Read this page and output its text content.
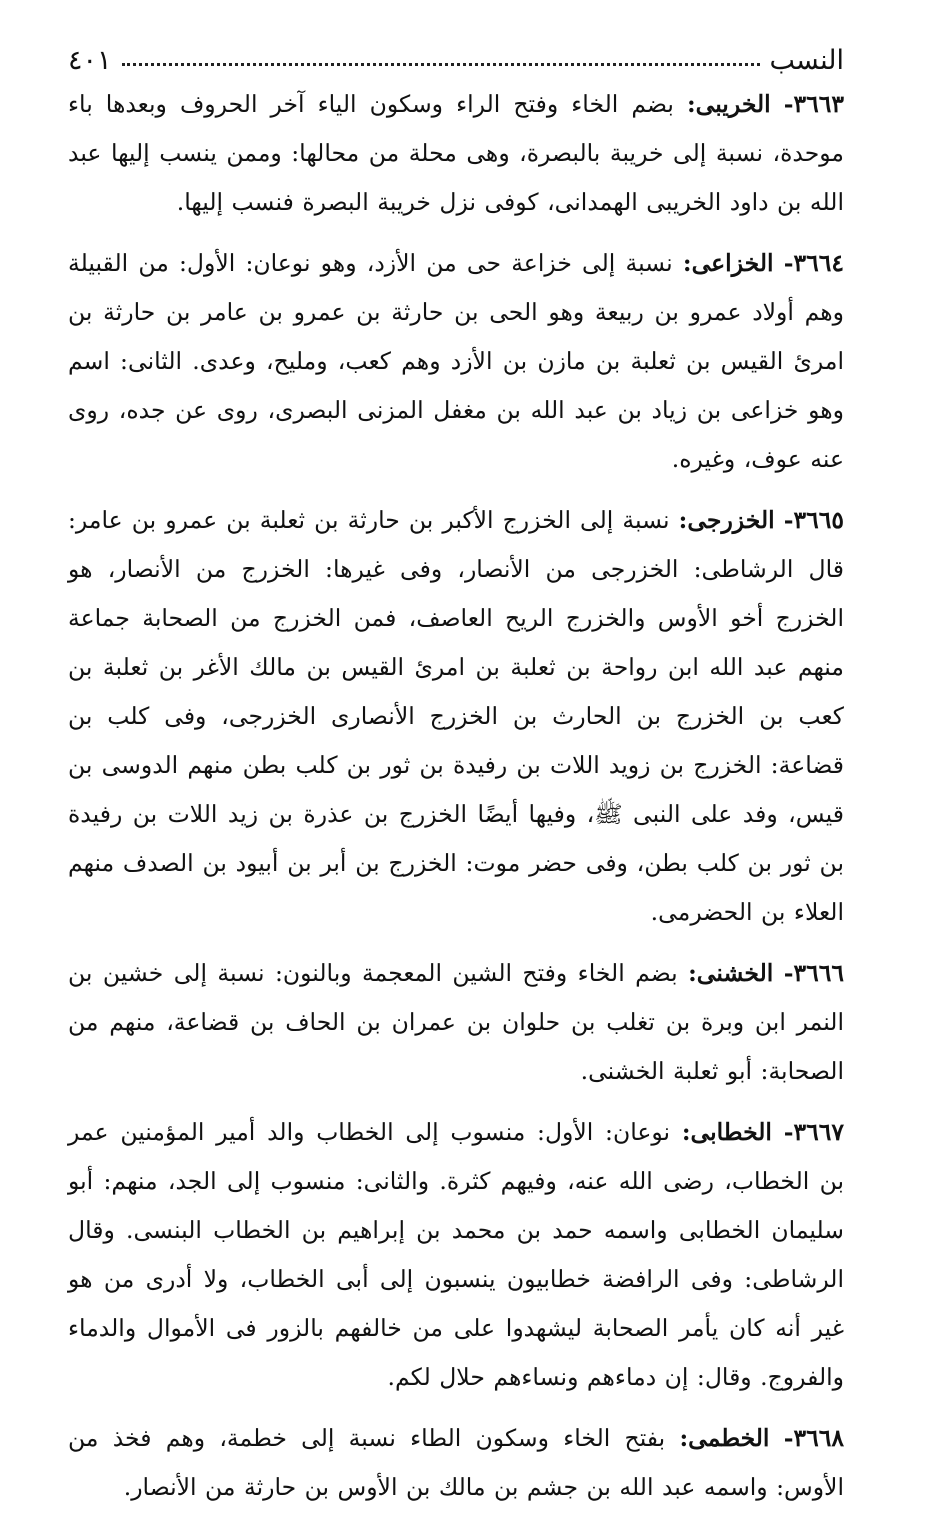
النسب
٤٠١

٣٦٦٣- الخريبى: بضم الخاء وفتح الراء وسكون الياء آخر الحروف وبعدها باء موحدة، نسبة إلى خريبة بالبصرة، وهى محلة من محالها: وممن ينسب إليها عبد الله بن داود الخريبى الهمدانى، كوفى نزل خريبة البصرة فنسب إليها.

٣٦٦٤- الخزاعى: نسبة إلى خزاعة حى من الأزد، وهو نوعان: الأول: من القبيلة وهم أولاد عمرو بن ربيعة وهو الحى بن حارثة بن عمرو بن عامر بن حارثة بن امرئ القيس بن ثعلبة بن مازن بن الأزد وهم كعب، ومليح، وعدى. الثانى: اسم وهو خزاعى بن زياد بن عبد الله بن مغفل المزنى البصرى، روى عن جده، روى عنه عوف، وغيره.

٣٦٦٥- الخزرجى: نسبة إلى الخزرج الأكبر بن حارثة بن ثعلبة بن عمرو بن عامر: قال الرشاطى: الخزرجى من الأنصار، وفى غيرها: الخزرج من الأنصار، هو الخزرج أخو الأوس والخزرج الريح العاصف، فمن الخزرج من الصحابة جماعة منهم عبد الله ابن رواحة بن ثعلبة بن امرئ القيس بن مالك الأغر بن ثعلبة بن كعب بن الخزرج بن الحارث بن الخزرج الأنصارى الخزرجى، وفى كلب بن قضاعة: الخزرج بن زويد اللات بن رفيدة بن ثور بن كلب بطن منهم الدوسى بن قيس، وفد على النبى ﷺ، وفيها أيضًا الخزرج بن عذرة بن زيد اللات بن رفيدة بن ثور بن كلب بطن، وفى حضر موت: الخزرج بن أبر بن أبيود بن الصدف منهم العلاء بن الحضرمى.

٣٦٦٦- الخشنى: بضم الخاء وفتح الشين المعجمة وبالنون: نسبة إلى خشين بن النمر ابن وبرة بن تغلب بن حلوان بن عمران بن الحاف بن قضاعة، منهم من الصحابة: أبو ثعلبة الخشنى.

٣٦٦٧- الخطابى: نوعان: الأول: منسوب إلى الخطاب والد أمير المؤمنين عمر بن الخطاب، رضى الله عنه، وفيهم كثرة. والثانى: منسوب إلى الجد، منهم: أبو سليمان الخطابى واسمه حمد بن محمد بن إبراهيم بن الخطاب البنسى. وقال الرشاطى: وفى الرافضة خطابيون ينسبون إلى أبى الخطاب، ولا أدرى من هو غير أنه كان يأمر الصحابة ليشهدوا على من خالفهم بالزور فى الأموال والدماء والفروج. وقال: إن دماءهم ونساءهم حلال لكم.

٣٦٦٨- الخطمى: بفتح الخاء وسكون الطاء نسبة إلى خطمة، وهم فخذ من الأوس: واسمه عبد الله بن جشم بن مالك بن الأوس بن حارثة من الأنصار.
